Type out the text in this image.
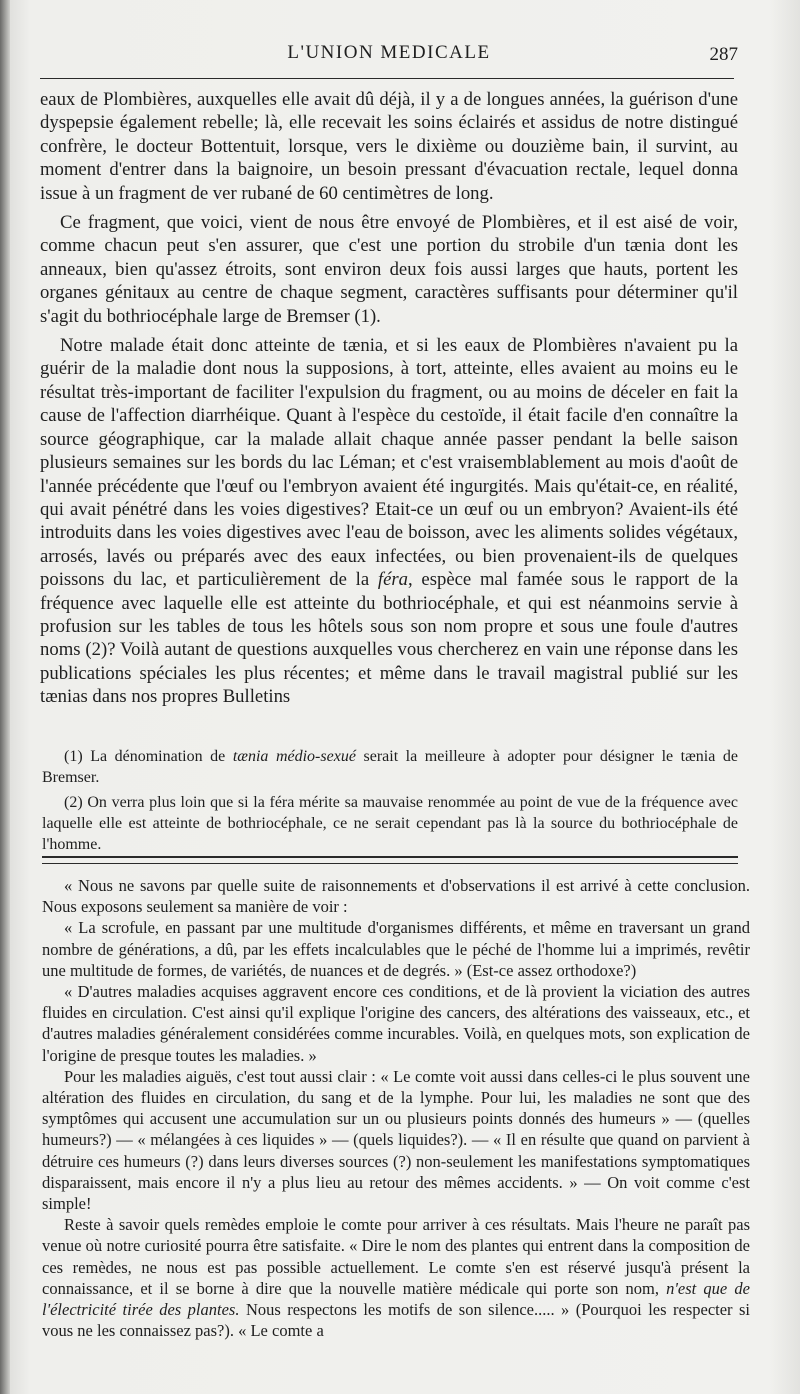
L'UNION MEDICALE	287

eaux de Plombières, auxquelles elle avait dû déjà, il y a de longues années, la guérison d'une dyspepsie également rebelle; là, elle recevait les soins éclairés et assidus de notre distingué confrère, le docteur Bottentuit, lorsque, vers le dixième ou douzième bain, il survint, au moment d'entrer dans la baignoire, un besoin pressant d'évacuation rectale, lequel donna issue à un fragment de ver rubané de 60 centimètres de long.

Ce fragment, que voici, vient de nous être envoyé de Plombières, et il est aisé de voir, comme chacun peut s'en assurer, que c'est une portion du strobile d'un tænia dont les anneaux, bien qu'assez étroits, sont environ deux fois aussi larges que hauts, portent les organes génitaux au centre de chaque segment, caractères suffisants pour déterminer qu'il s'agit du bothriocéphale large de Bremser (1).

Notre malade était donc atteinte de tænia, et si les eaux de Plombières n'avaient pu la guérir de la maladie dont nous la supposions, à tort, atteinte, elles avaient au moins eu le résultat très-important de faciliter l'expulsion du fragment, ou au moins de déceler en fait la cause de l'affection diarrhéique. Quant à l'espèce du cestoïde, il était facile d'en connaître la source géographique, car la malade allait chaque année passer pendant la belle saison plusieurs semaines sur les bords du lac Léman; et c'est vraisemblablement au mois d'août de l'année précédente que l'œuf ou l'embryon avaient été ingurgités. Mais qu'était-ce, en réalité, qui avait pénétré dans les voies digestives? Etait-ce un œuf ou un embryon? Avaient-ils été introduits dans les voies digestives avec l'eau de boisson, avec les aliments solides végétaux, arrosés, lavés ou préparés avec des eaux infectées, ou bien provenaient-ils de quelques poissons du lac, et particulièrement de la féra, espèce mal famée sous le rapport de la fréquence avec laquelle elle est atteinte du bothriocéphale, et qui est néanmoins servie à profusion sur les tables de tous les hôtels sous son nom propre et sous une foule d'autres noms (2)? Voilà autant de questions auxquelles vous chercherez en vain une réponse dans les publications spéciales les plus récentes; et même dans le travail magistral publié sur les tænias dans nos propres Bulletins

(1) La dénomination de tænia médio-sexué serait la meilleure à adopter pour désigner le tænia de Bremser.

(2) On verra plus loin que si la féra mérite sa mauvaise renommée au point de vue de la fréquence avec laquelle elle est atteinte de bothriocéphale, ce ne serait cependant pas là la source du bothriocéphale de l'homme.

« Nous ne savons par quelle suite de raisonnements et d'observations il est arrivé à cette conclusion. Nous exposons seulement sa manière de voir :

« La scrofule, en passant par une multitude d'organismes différents, et même en traversant un grand nombre de générations, a dû, par les effets incalculables que le péché de l'homme lui a imprimés, revêtir une multitude de formes, de variétés, de nuances et de degrés. » (Est-ce assez orthodoxe?)

« D'autres maladies acquises aggravent encore ces conditions, et de là provient la viciation des autres fluides en circulation. C'est ainsi qu'il explique l'origine des cancers, des altérations des vaisseaux, etc., et d'autres maladies généralement considérées comme incurables. Voilà, en quelques mots, son explication de l'origine de presque toutes les maladies. »

Pour les maladies aiguës, c'est tout aussi clair : « Le comte voit aussi dans celles-ci le plus souvent une altération des fluides en circulation, du sang et de la lymphe. Pour lui, les maladies ne sont que des symptômes qui accusent une accumulation sur un ou plusieurs points donnés des humeurs » — (quelles humeurs?) — « mélangées à ces liquides » — (quels liquides?). — « Il en résulte que quand on parvient à détruire ces humeurs (?) dans leurs diverses sources (?) non-seulement les manifestations symptomatiques disparaissent, mais encore il n'y a plus lieu au retour des mêmes accidents. » — On voit comme c'est simple!

Reste à savoir quels remèdes emploie le comte pour arriver à ces résultats. Mais l'heure ne paraît pas venue où notre curiosité pourra être satisfaite. « Dire le nom des plantes qui entrent dans la composition de ces remèdes, ne nous est pas possible actuellement. Le comte s'en est réservé jusqu'à présent la connaissance, et il se borne à dire que la nouvelle matière médicale qui porte son nom, n'est que de l'électricité tirée des plantes. Nous respectons les motifs de son silence..... » (Pourquoi les respecter si vous ne les connaissez pas?). « Le comte a
